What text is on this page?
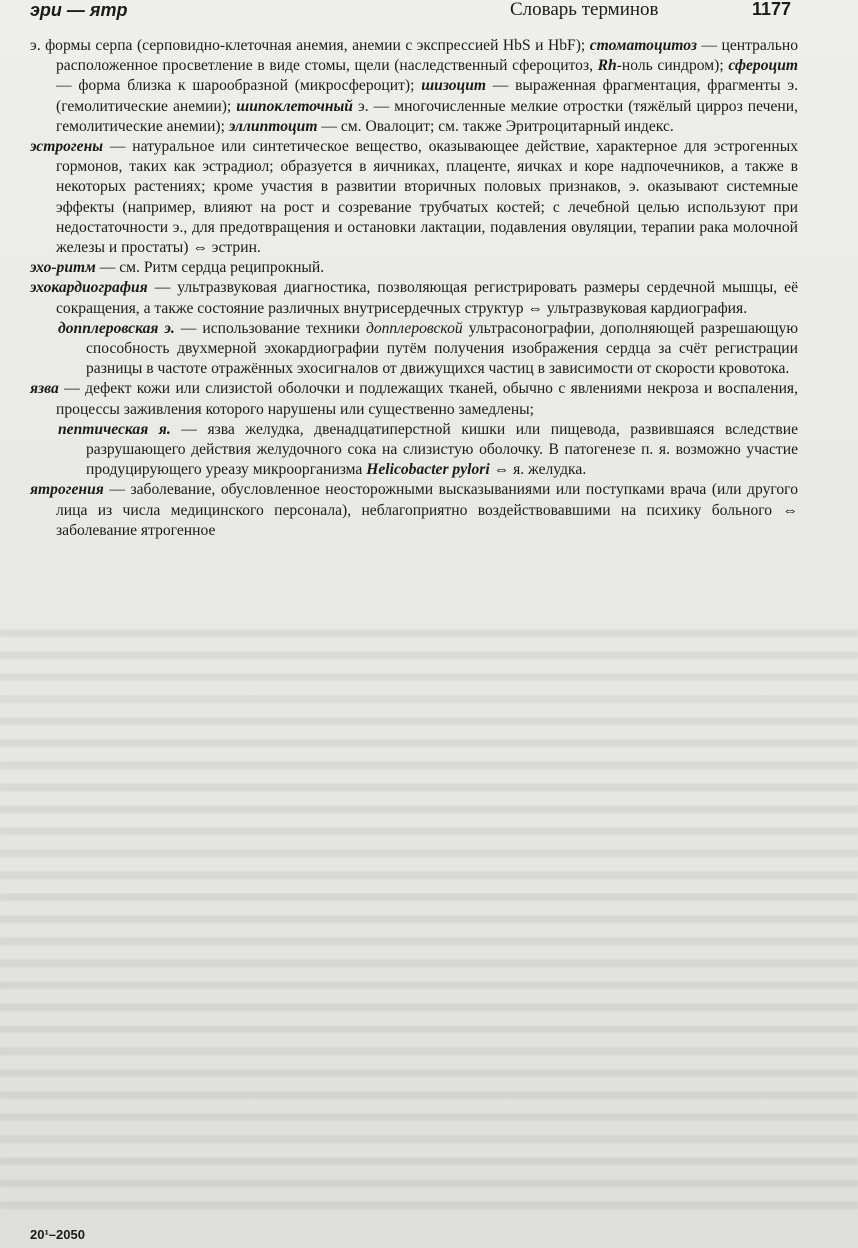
эри — ятр	Словарь терминов	1177

э. формы серпа (серповидно-клеточная анемия, анемии с экспрессией HbS и HbF); стоматоцитоз — центрально расположенное просветление в виде стомы, щели (наследственный сфероцитоз, Rh-ноль синдром); сфероцит — форма близка к шарообразной (микросфероцит); шизоцит — выраженная фрагментация, фрагменты э. (гемолитические анемии); шипоклеточный э. — многочисленные мелкие отростки (тяжёлый цирроз печени, гемолитические анемии); эллиптоцит — см. Овалоцит; см. также Эритроцитарный индекс.

эстрогены — натуральное или синтетическое вещество, оказывающее действие, характерное для эстрогенных гормонов, таких как эстрадиол; образуется в яичниках, плаценте, яичках и коре надпочечников, а также в некоторых растениях; кроме участия в развитии вторичных половых признаков, э. оказывают системные эффекты (например, влияют на рост и созревание трубчатых костей; с лечебной целью используют при недостаточности э., для предотвращения и остановки лактации, подавления овуляции, терапии рака молочной железы и простаты) ⇔ эстрин.

эхо-ритм — см. Ритм сердца реципрокный.

эхокардиография — ультразвуковая диагностика, позволяющая регистрировать размеры сердечной мышцы, её сокращения, а также состояние различных внутрисердечных структур ⇔ ультразвуковая кардиография.

допплеровская э. — использование техники допплеровской ультрасонографии, дополняющей разрешающую способность двухмерной эхокардиографии путём получения изображения сердца за счёт регистрации разницы в частоте отражённых эхосигналов от движущихся частиц в зависимости от скорости кровотока.

язва — дефект кожи или слизистой оболочки и подлежащих тканей, обычно с явлениями некроза и воспаления, процессы заживления которого нарушены или существенно замедлены;

пептическая я. — язва желудка, двенадцатиперстной кишки или пищевода, развившаяся вследствие разрушающего действия желудочного сока на слизистую оболочку. В патогенезе п. я. возможно участие продуцирующего уреазу микроорганизма Helicobacter pylori ⇔ я. желудка.

ятрогения — заболевание, обусловленное неосторожными высказываниями или поступками врача (или другого лица из числа медицинского персонала), неблагоприятно воздействовавшими на психику больного ⇔ заболевание ятрогенное

20¹–2050
